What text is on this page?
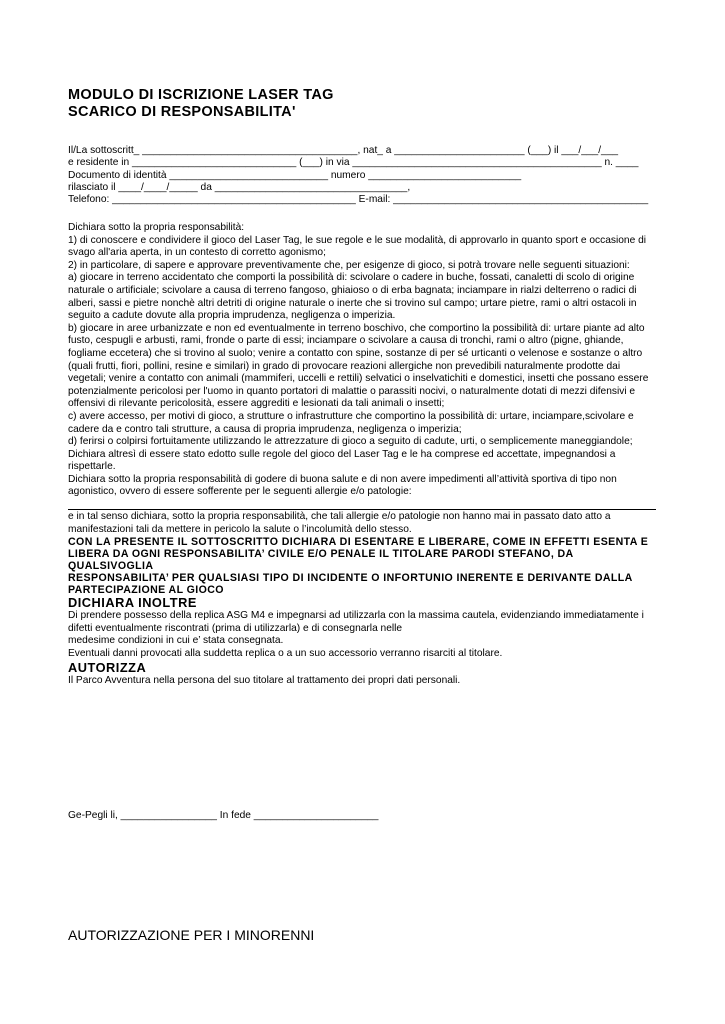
MODULO DI ISCRIZIONE LASER TAG
SCARICO DI RESPONSABILITA'
Il/La sottoscritt_ ______________________________________, nat_ a _______________________ (___) il ___/___/___
e residente in _____________________________ (___) in via ____________________________________________ n. ____
Documento di identità ____________________________ numero ___________________________
rilasciato il ____/____/_____ da __________________________________,
Telefono: ___________________________________________ E-mail: _____________________________________________

Dichiara sotto la propria responsabilità:

1) di conoscere e condividere il gioco del Laser Tag, le sue regole e le sue modalità, di approvarlo in quanto sport e occasione di svago all'aria aperta, in un contesto di corretto agonismo;

2) in particolare, di sapere e approvare preventivamente che, per esigenze di gioco, si potrà trovare nelle seguenti situazioni:

a) giocare in terreno accidentato che comporti la possibilità di: scivolare o cadere in buche, fossati, canaletti di scolo di origine naturale o artificiale; scivolare a causa di terreno fangoso, ghiaioso o di erba bagnata; inciampare in rialzi delterreno o radici di alberi, sassi e pietre nonchè altri detriti di origine naturale o inerte che si trovino sul campo; urtare pietre, rami o altri ostacoli in seguito a cadute dovute alla propria imprudenza, negligenza o imperizia.

b) giocare in aree urbanizzate e non ed eventualmente in terreno boschivo, che comportino la possibilità di: urtare piante ad alto fusto, cespugli e arbusti, rami, fronde o parte di essi; inciampare o scivolare a causa di tronchi, rami o altro (pigne, ghiande, fogliame eccetera) che si trovino al suolo; venire a contatto con spine, sostanze di per sé urticanti o velenose e sostanze o altro (quali frutti, fiori, pollini, resine e similari) in grado di provocare reazioni allergiche non prevedibili naturalmente prodotte dai vegetali; venire a contatto con animali (mammiferi, uccelli e rettili) selvatici o inselvatichiti e domestici, insetti che possano essere potenzialmente pericolosi per l'uomo in quanto portatori di malattie o parassiti nocivi, o naturalmente dotati di mezzi difensivi e offensivi di rilevante pericolosità, essere aggrediti e lesionati da tali animali o insetti;

c) avere accesso, per motivi di gioco, a strutture o infrastrutture che comportino la possibilità di: urtare, inciampare,scivolare e cadere da e contro tali strutture, a causa di propria imprudenza, negligenza o imperizia;

d) ferirsi o colpirsi fortuitamente utilizzando le attrezzature di gioco a seguito di cadute, urti, o semplicemente maneggiandole;

Dichiara altresì di essere stato edotto sulle regole del gioco del Laser Tag e le ha comprese ed accettate, impegnandosi a rispettarle.

Dichiara sotto la propria responsabilità di godere di buona salute e di non avere impedimenti all’attività sportiva di tipo non agonistico, ovvero di essere sofferente per le seguenti allergie e/o patologie:

e in tal senso dichiara, sotto la propria responsabilità, che tali allergie e/o patologie non hanno mai in passato dato atto a manifestazioni tali da mettere in pericolo la salute o l’incolumità dello stesso.

CON LA PRESENTE IL SOTTOSCRITTO DICHIARA DI ESENTARE E LIBERARE, COME IN EFFETTI ESENTA E

LIBERA DA OGNI RESPONSABILITA’ CIVILE E/O PENALE IL TITOLARE PARODI STEFANO, DA QUALSIVOGLIA

RESPONSABILITA’ PER QUALSIASI TIPO DI INCIDENTE O INFORTUNIO INERENTE E DERIVANTE DALLA

PARTECIPAZIONE AL GIOCO

DICHIARA INOLTRE

Di prendere possesso della replica ASG M4 e impegnarsi ad utilizzarla con la massima cautela, evidenziando immediatamente i difetti eventualmente riscontrati (prima di utilizzarla) e di consegnarla nelle

medesime condizioni in cui e’ stata consegnata.

Eventuali danni provocati alla suddetta replica o a un suo accessorio verranno risarciti al titolare.

AUTORIZZA

Il Parco Avventura nella persona del suo titolare al trattamento dei propri dati personali.

Ge-Pegli li, _________________ In fede ______________________
AUTORIZZAZIONE PER I MINORENNI
